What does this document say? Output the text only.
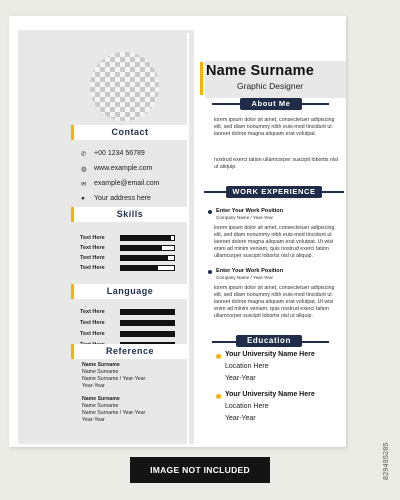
Contact
✆	+00 1234 56789
◍	www.example.com
✉	example@email.com
●	Your address here
Skills
Text Here
Text Here
Text Here
Text Here
Language
Text Here
Text Here
Text Here
Reference
Name Surname
Name Surname
Name Surname / Year-Year
Year-Year
Name Surname
Name Surname
Name Surname / Year-Year
Year-Year
Name Surname
Graphic Designer
About Me
lorem ipsum dolor sit amet, consectetuer adipiscing elit, sed diam nonummy nibh euis-mod tincidunt ut laoreet dolore magna aliquam erat volutpat.
nostrud exerci tation ullamcorper suscipit lobortis nisl ut aliquip.
WORK EXPERIENCE
Enter Your Work Position
Company Name / Year-Year
lorem ipsum dolor sit amet, consectetuer adipiscing elit, sed diam nonummy nibh euis-mod tincidunt ut laoreet dolore magna aliquam erat volutpat. Ut wisi enim ad minim veniam, quis nostrud exerci tation ullamcorper suscipit lobortis nisl ut aliquip.
Enter Your Work Position
Company Name / Year-Year
lorem ipsum dolor sit amet, consectetuer adipiscing elit, sed diam nonummy nibh euis-mod tincidunt ut laoreet dolore magna aliquam erat volutpat. Ut wisi enim ad minim veniam, quis nostrud exerci tation ullamcorper suscipit lobortis nisl ut aliquip.
Education
Your University Name Here
Location Here
Year-Year
Your University Name Here
Location Here
Year-Year
IMAGE NOT INCLUDED	829495285
